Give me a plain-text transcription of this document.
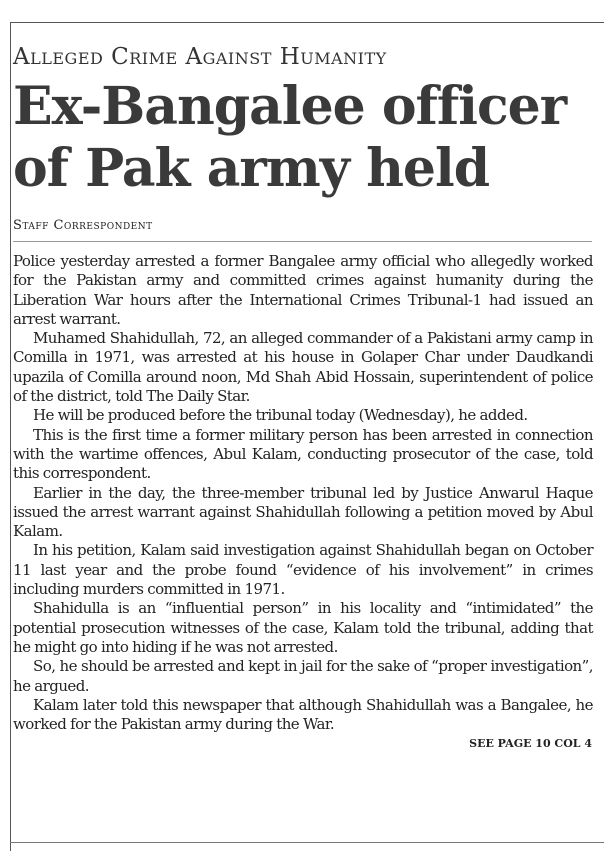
Alleged Crime Against Humanity
Ex-Bangalee officer
of Pak army held
Staff Correspondent

Police yesterday arrested a former Bangalee army official who allegedly worked for the Pakistan army and committed crimes against humanity during the Liberation War hours after the International Crimes Tribunal-1 had issued an arrest warrant.

Muhamed Shahidullah, 72, an alleged commander of a Pakistani army camp in Comilla in 1971, was arrested at his house in Golaper Char under Daudkandi upazila of Comilla around noon, Md Shah Abid Hossain, superintendent of police of the district, told The Daily Star.

He will be produced before the tribunal today (Wednesday), he added.

This is the first time a former military person has been arrested in connection with the wartime offences, Abul Kalam, conducting prosecutor of the case, told this correspondent.

Earlier in the day, the three-member tribunal led by Justice Anwarul Haque issued the arrest warrant against Shahidullah following a petition moved by Abul Kalam.

In his petition, Kalam said investigation against Shahidullah began on October 11 last year and the probe found “evidence of his involvement” in crimes including murders committed in 1971.

Shahidulla is an “influential person” in his locality and “intimidated” the potential prosecution witnesses of the case, Kalam told the tribunal, adding that he might go into hiding if he was not arrested.

So, he should be arrested and kept in jail for the sake of “proper investigation”, he argued.

Kalam later told this newspaper that although Shahidullah was a Bangalee, he worked for the Pakistan army during the War.

SEE PAGE 10 COL 4
